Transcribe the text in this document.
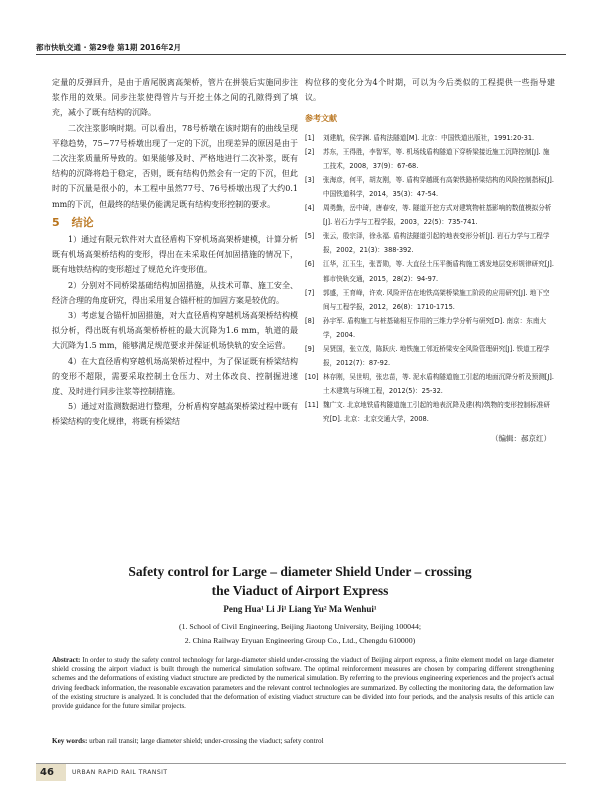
都市快轨交通 · 第29卷 第1期 2016年2月

定量的反弹回升，是由于盾尾脱离高架桥，管片在拼装后实施同步注浆作用的效果。同步注浆使得管片与开挖土体之间的孔隙得到了填充，减小了既有结构的沉降。

二次注浆影响时期。可以看出，78号桥墩在该时期有的曲线呈现平稳趋势，75~77号桥墩出现了一定的下沉，出现差异的原因是由于二次注浆质量所导致的。如果能够及时、严格地进行二次补浆，既有结构的沉降将趋于稳定，否则，既有结构仍然会有一定的下沉，但此时的下沉量是很小的，本工程中虽然77号、76号桥墩出现了大约0.1 mm的下沉，但最终的结果仍能满足既有结构变形控制的要求。

5 结论

1）通过有限元软件对大直径盾构下穿机场高架桥建模，计算分析既有机场高架桥结构的变形，得出在未采取任何加固措施的情况下，既有地铁结构的变形超过了规范允许变形值。

2）分别对不同桥梁基础结构加固措施，从技术可靠、施工安全、经济合理的角度研究，得出采用复合锚杆桩的加固方案是较优的。

3）考虑复合锚杆加固措施，对大直径盾构穿越机场高架桥结构模拟分析，得出既有机场高架桥桥桩的最大沉降为1.6 mm，轨道的最大沉降为1.5 mm，能够满足规范要求并保证机场快轨的安全运营。

4）在大直径盾构穿越机场高架桥过程中，为了保证既有桥梁结构的变形不超限，需要采取控制土仓压力、对土体改良、控制掘进速度、及时进行同步注浆等控制措施。

5）通过对监测数据进行整理，分析盾构穿越高架桥梁过程中既有桥梁结构的变化规律，将既有桥梁结

构位移的变化分为4个时期，可以为今后类似的工程提供一些指导建议。

参考文献
[1]	刘建航，侯学渊. 盾构法隧道[M]. 北京：中国铁道出版社，1991:20-31.
[2]	苏东，王得胜，李智军，等. 机场线盾构隧道下穿桥梁接近施工沉降控制[J]. 施工技术，2008，37(9)：67-68.
[3]	张海彦，何平，胡友刚，等. 盾构穿越既有高架铁路桥梁结构的风险控制指标[J]. 中国铁道科学，2014，35(3)：47-54.
[4]	周勇勤，岳中琦，唐春安，等. 隧道开挖方式对建筑物桩基影响的数值模拟分析[J]. 岩石力学与工程学报，2003，22(5)：735-741.
[5]	张云，殷宗泽，徐永福. 盾构法隧道引起的地表变形分析[J]. 岩石力学与工程学报，2002，21(3)：388-392.
[6]	江华，江玉生，张晋勋，等. 大直径土压平衡盾构施工诱发地层变形规律研究[J]. 都市快轨交通，2015，28(2)：94-97.
[7]	郭盛，王育峰，许欢. 风险评估在地铁高架桥梁施工阶段的应用研究[J]. 地下空间与工程学报，2012，26(8)：1710-1715.
[8]	孙宇军. 盾构施工与桩基础相互作用的三维力学分析与研究[D]. 南京：东南大学，2004.
[9]	吴贤国，张立茂，陈跃庆. 地铁施工邻近桥梁安全风险管理研究[J]. 铁道工程学报，2012(7)：87-92.
[10] 林存刚，吴世明，张忠苗，等. 泥水盾构隧道施工引起的地面沉降分析及预测[J]. 土木建筑与环境工程，2012(5)：25-32.
[11] 魏广文. 北京地铁盾构隧道施工引起的地表沉降及建(构)筑物的变形控制标准研究[D]. 北京：北京交通大学，2008.
（编辑：郝京红）
Safety control for Large – diameter Shield Under – crossing
the Viaduct of Airport Express
Peng Hua¹ Li Ji¹ Liang Yu² Ma Wenhui¹
(1. School of Civil Engineering, Beijing Jiaotong University, Beijing 100044;
2. China Railway Eryuan Engineering Group Co., Ltd., Chengdu 610000)
Abstract: In order to study the safety control technology for large-diameter shield under-crossing the viaduct of Beijing airport express, a finite element model on large diameter shield crossing the airport viaduct is built through the numerical simulation software. The optimal reinforcement measures are chosen by comparing different strengthening schemes and the deformations of existing viaduct structure are predicted by the numerical simulation. By referring to the previous engineering experiences and the project's actual driving feedback information, the reasonable excavation parameters and the relevant control technologies are summarized. By collecting the monitoring data, the deformation law of the existing structure is analyzed. It is concluded that the deformation of existing viaduct structure can be divided into four periods, and the analysis results of this article can provide guidance for the future similar projects.
Key words: urban rail transit; large diameter shield; under-crossing the viaduct; safety control
46	URBAN RAPID RAIL TRANSIT
